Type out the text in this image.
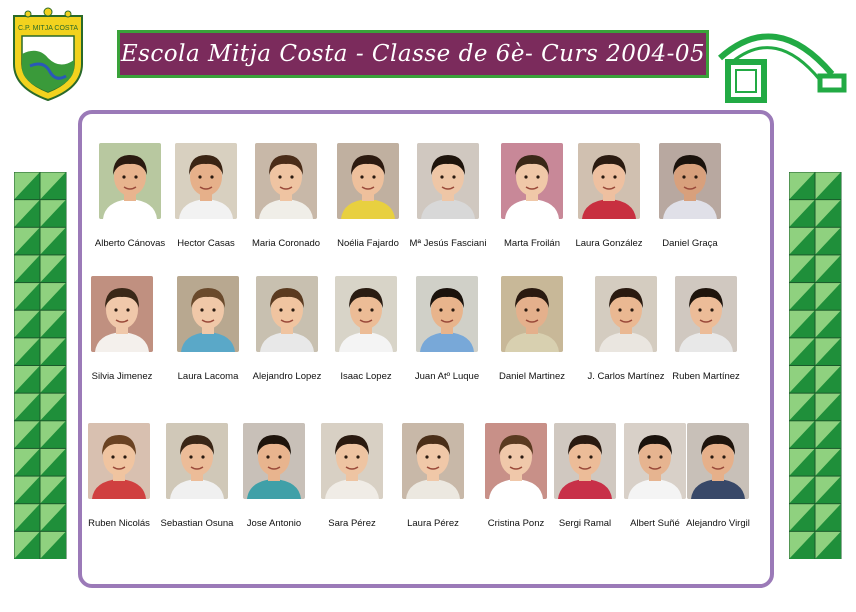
C.P. MITJA COSTA
Escola Mitja Costa - Classe de 6è- Curs 2004-05
Alberto Cánovas	Hector Casas	Maria Coronado	Noélia Fajardo	Mª Jesús Fasciani	Marta Froilán	Laura González	Daniel Graça
Silvia Jimenez	Laura Lacoma	Alejandro Lopez	Isaac Lopez	Juan Atº Luque	Daniel Martinez	J. Carlos Martínez Ruben Martínez
Ruben Nicolás	Sebastian Osuna	Jose Antonio	Sara Pérez	Laura Pérez	Cristina Ponz	Sergi Ramal	Albert Suñé Alejandro Virgil
